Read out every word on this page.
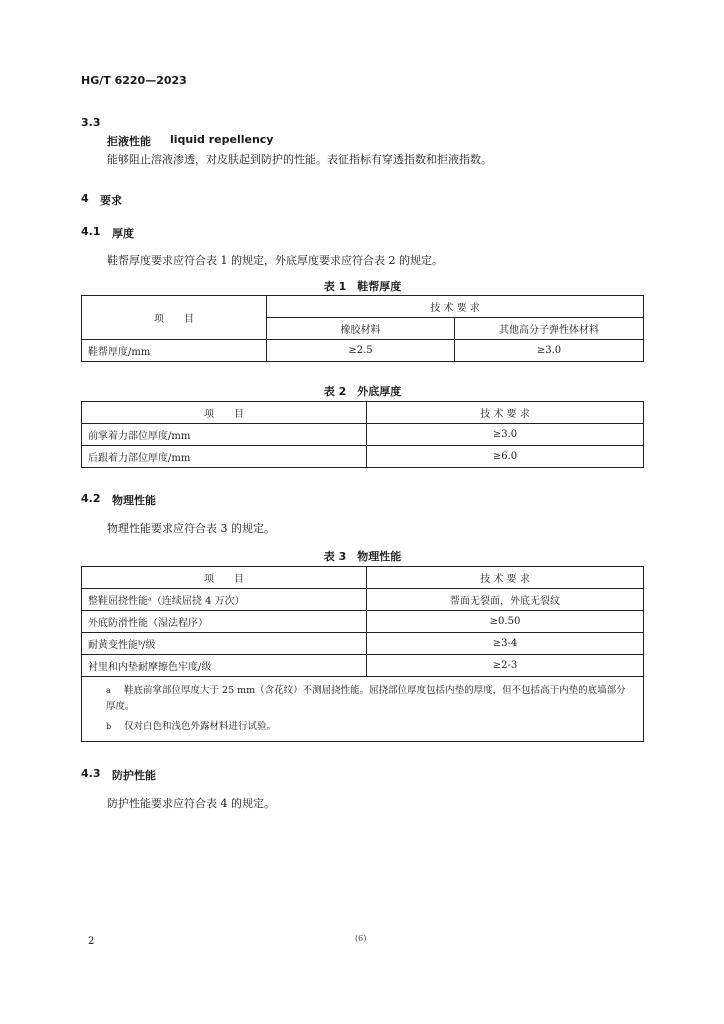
HG/T 6220—2023
3.3
拒液性能 liquid repellency
能够阻止溶液渗透，对皮肤起到防护的性能。表征指标有穿透指数和拒液指数。
4 要求
4.1 厚度
鞋帮厚度要求应符合表 1 的规定，外底厚度要求应符合表 2 的规定。
表 1　鞋帮厚度
项　　目	技 术 要 求	
	橡胶材料	其他高分子弹性体材料
鞋帮厚度/mm	≥2.5	≥3.0
表 2　外底厚度
项　　目	技 术 要 求
前掌着力部位厚度/mm	≥3.0
后跟着力部位厚度/mm	≥6.0
4.2 物理性能
物理性能要求应符合表 3 的规定。
表 3　物理性能
项　　目	技 术 要 求
整鞋屈挠性能ᵃ（连续屈挠 4 万次）	帮面无裂面，外底无裂纹
外底防滑性能（湿法程序）	≥0.50
耐黄变性能ᵇ/级	≥3-4
衬里和内垫耐摩擦色牢度/级	≥2-3

a 鞋底前掌部位厚度大于 25 mm（含花纹）不测屈挠性能。屈挠部位厚度包括内垫的厚度，但不包括高于内垫的底墙部分厚度。
b 仅对白色和浅色外露材料进行试验。	
4.3 防护性能
防护性能要求应符合表 4 的规定。
2	(6)
